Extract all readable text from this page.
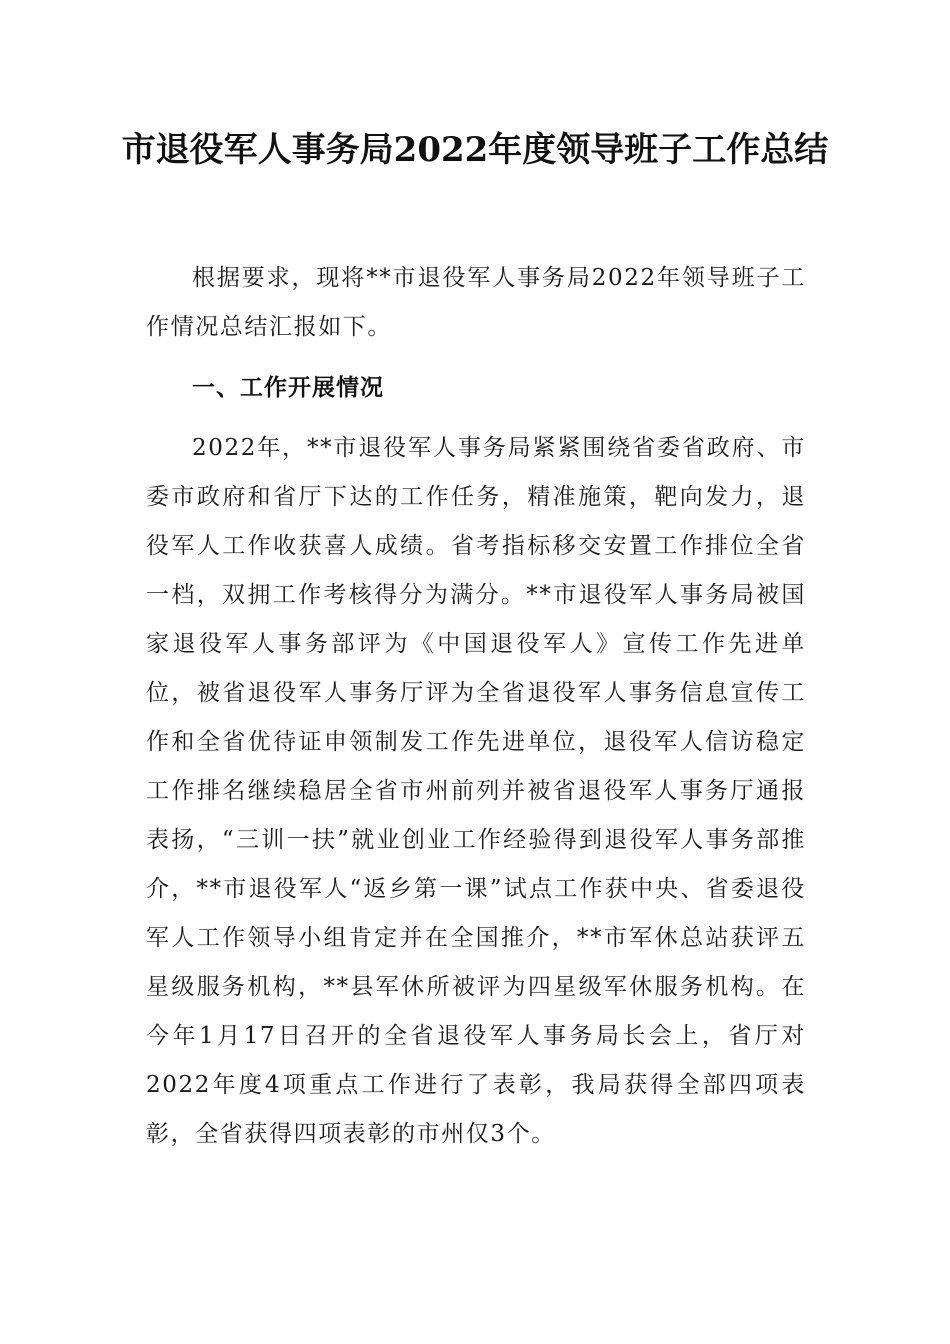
市退役军人事务局2022年度领导班子工作总结

根据要求，现将**市退役军人事务局2022年领导班子工作情况总结汇报如下。

一、工作开展情况

2022年，**市退役军人事务局紧紧围绕省委省政府、市委市政府和省厅下达的工作任务，精准施策，靶向发力，退役军人工作收获喜人成绩。省考指标移交安置工作排位全省一档，双拥工作考核得分为满分。**市退役军人事务局被国家退役军人事务部评为《中国退役军人》宣传工作先进单位，被省退役军人事务厅评为全省退役军人事务信息宣传工作和全省优待证申领制发工作先进单位，退役军人信访稳定工作排名继续稳居全省市州前列并被省退役军人事务厅通报表扬，“三训一扶”就业创业工作经验得到退役军人事务部推介，**市退役军人“返乡第一课”试点工作获中央、省委退役军人工作领导小组肯定并在全国推介，**市军休总站获评五星级服务机构，**县军休所被评为四星级军休服务机构。在今年1月17日召开的全省退役军人事务局长会上，省厅对2022年度4项重点工作进行了表彰，我局获得全部四项表彰，全省获得四项表彰的市州仅3个。
